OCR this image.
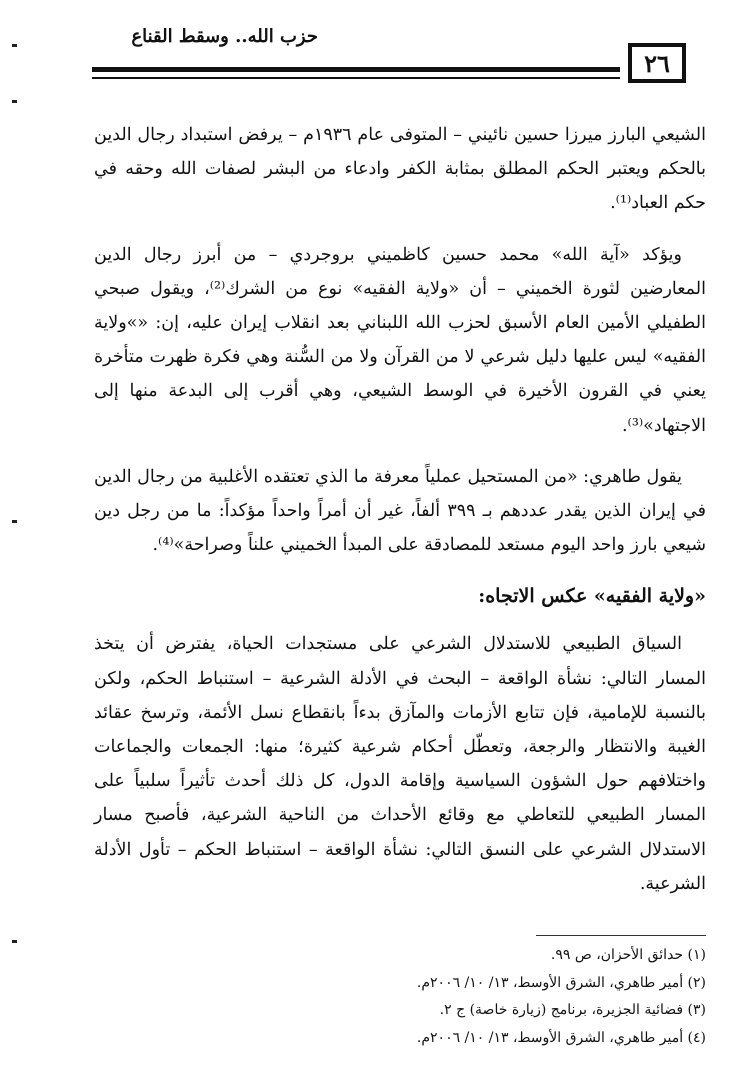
حزب الله.. وسقط القناع
٢٦

الشيعي البارز ميرزا حسين نائيني – المتوفى عام ١٩٣٦م – يرفض استبداد رجال الدين بالحكم ويعتبر الحكم المطلق بمثابة الكفر وادعاء من البشر لصفات الله وحقه في حكم العباد⁽¹⁾.

ويؤكد «آية الله» محمد حسين كاظميني بروجردي – من أبرز رجال الدين المعارضين لثورة الخميني – أن «ولاية الفقيه» نوع من الشرك⁽²⁾، ويقول صبحي الطفيلي الأمين العام الأسبق لحزب الله اللبناني بعد انقلاب إيران عليه، إن: «»ولاية الفقيه» ليس عليها دليل شرعي لا من القرآن ولا من السُّنة وهي فكرة ظهرت متأخرة يعني في القرون الأخيرة في الوسط الشيعي، وهي أقرب إلى البدعة منها إلى الاجتهاد»⁽³⁾.

يقول طاهري: «من المستحيل عملياً معرفة ما الذي تعتقده الأغلبية من رجال الدين في إيران الذين يقدر عددهم بـ ٣٩٩ ألفاً، غير أن أمراً واحداً مؤكداً: ما من رجل دين شيعي بارز واحد اليوم مستعد للمصادقة على المبدأ الخميني علناً وصراحة»⁽⁴⁾.

«ولاية الفقيه» عكس الاتجاه:

السياق الطبيعي للاستدلال الشرعي على مستجدات الحياة، يفترض أن يتخذ المسار التالي: نشأة الواقعة – البحث في الأدلة الشرعية – استنباط الحكم، ولكن بالنسبة للإمامية، فإن تتابع الأزمات والمآزق بدءاً بانقطاع نسل الأئمة، وترسخ عقائد الغيبة والانتظار والرجعة، وتعطّل أحكام شرعية كثيرة؛ منها: الجمعات والجماعات واختلافهم حول الشؤون السياسية وإقامة الدول، كل ذلك أحدث تأثيراً سلبياً على المسار الطبيعي للتعاطي مع وقائع الأحداث من الناحية الشرعية، فأصبح مسار الاستدلال الشرعي على النسق التالي: نشأة الواقعة – استنباط الحكم – تأول الأدلة الشرعية.

(١) حدائق الأحزان، ص ٩٩.
(٢) أمير طاهري، الشرق الأوسط، ١٣/ ١٠/ ٢٠٠٦م.
(٣) فضائية الجزيرة، برنامج (زيارة خاصة) ج ٢.
(٤) أمير طاهري، الشرق الأوسط، ١٣/ ١٠/ ٢٠٠٦م.
